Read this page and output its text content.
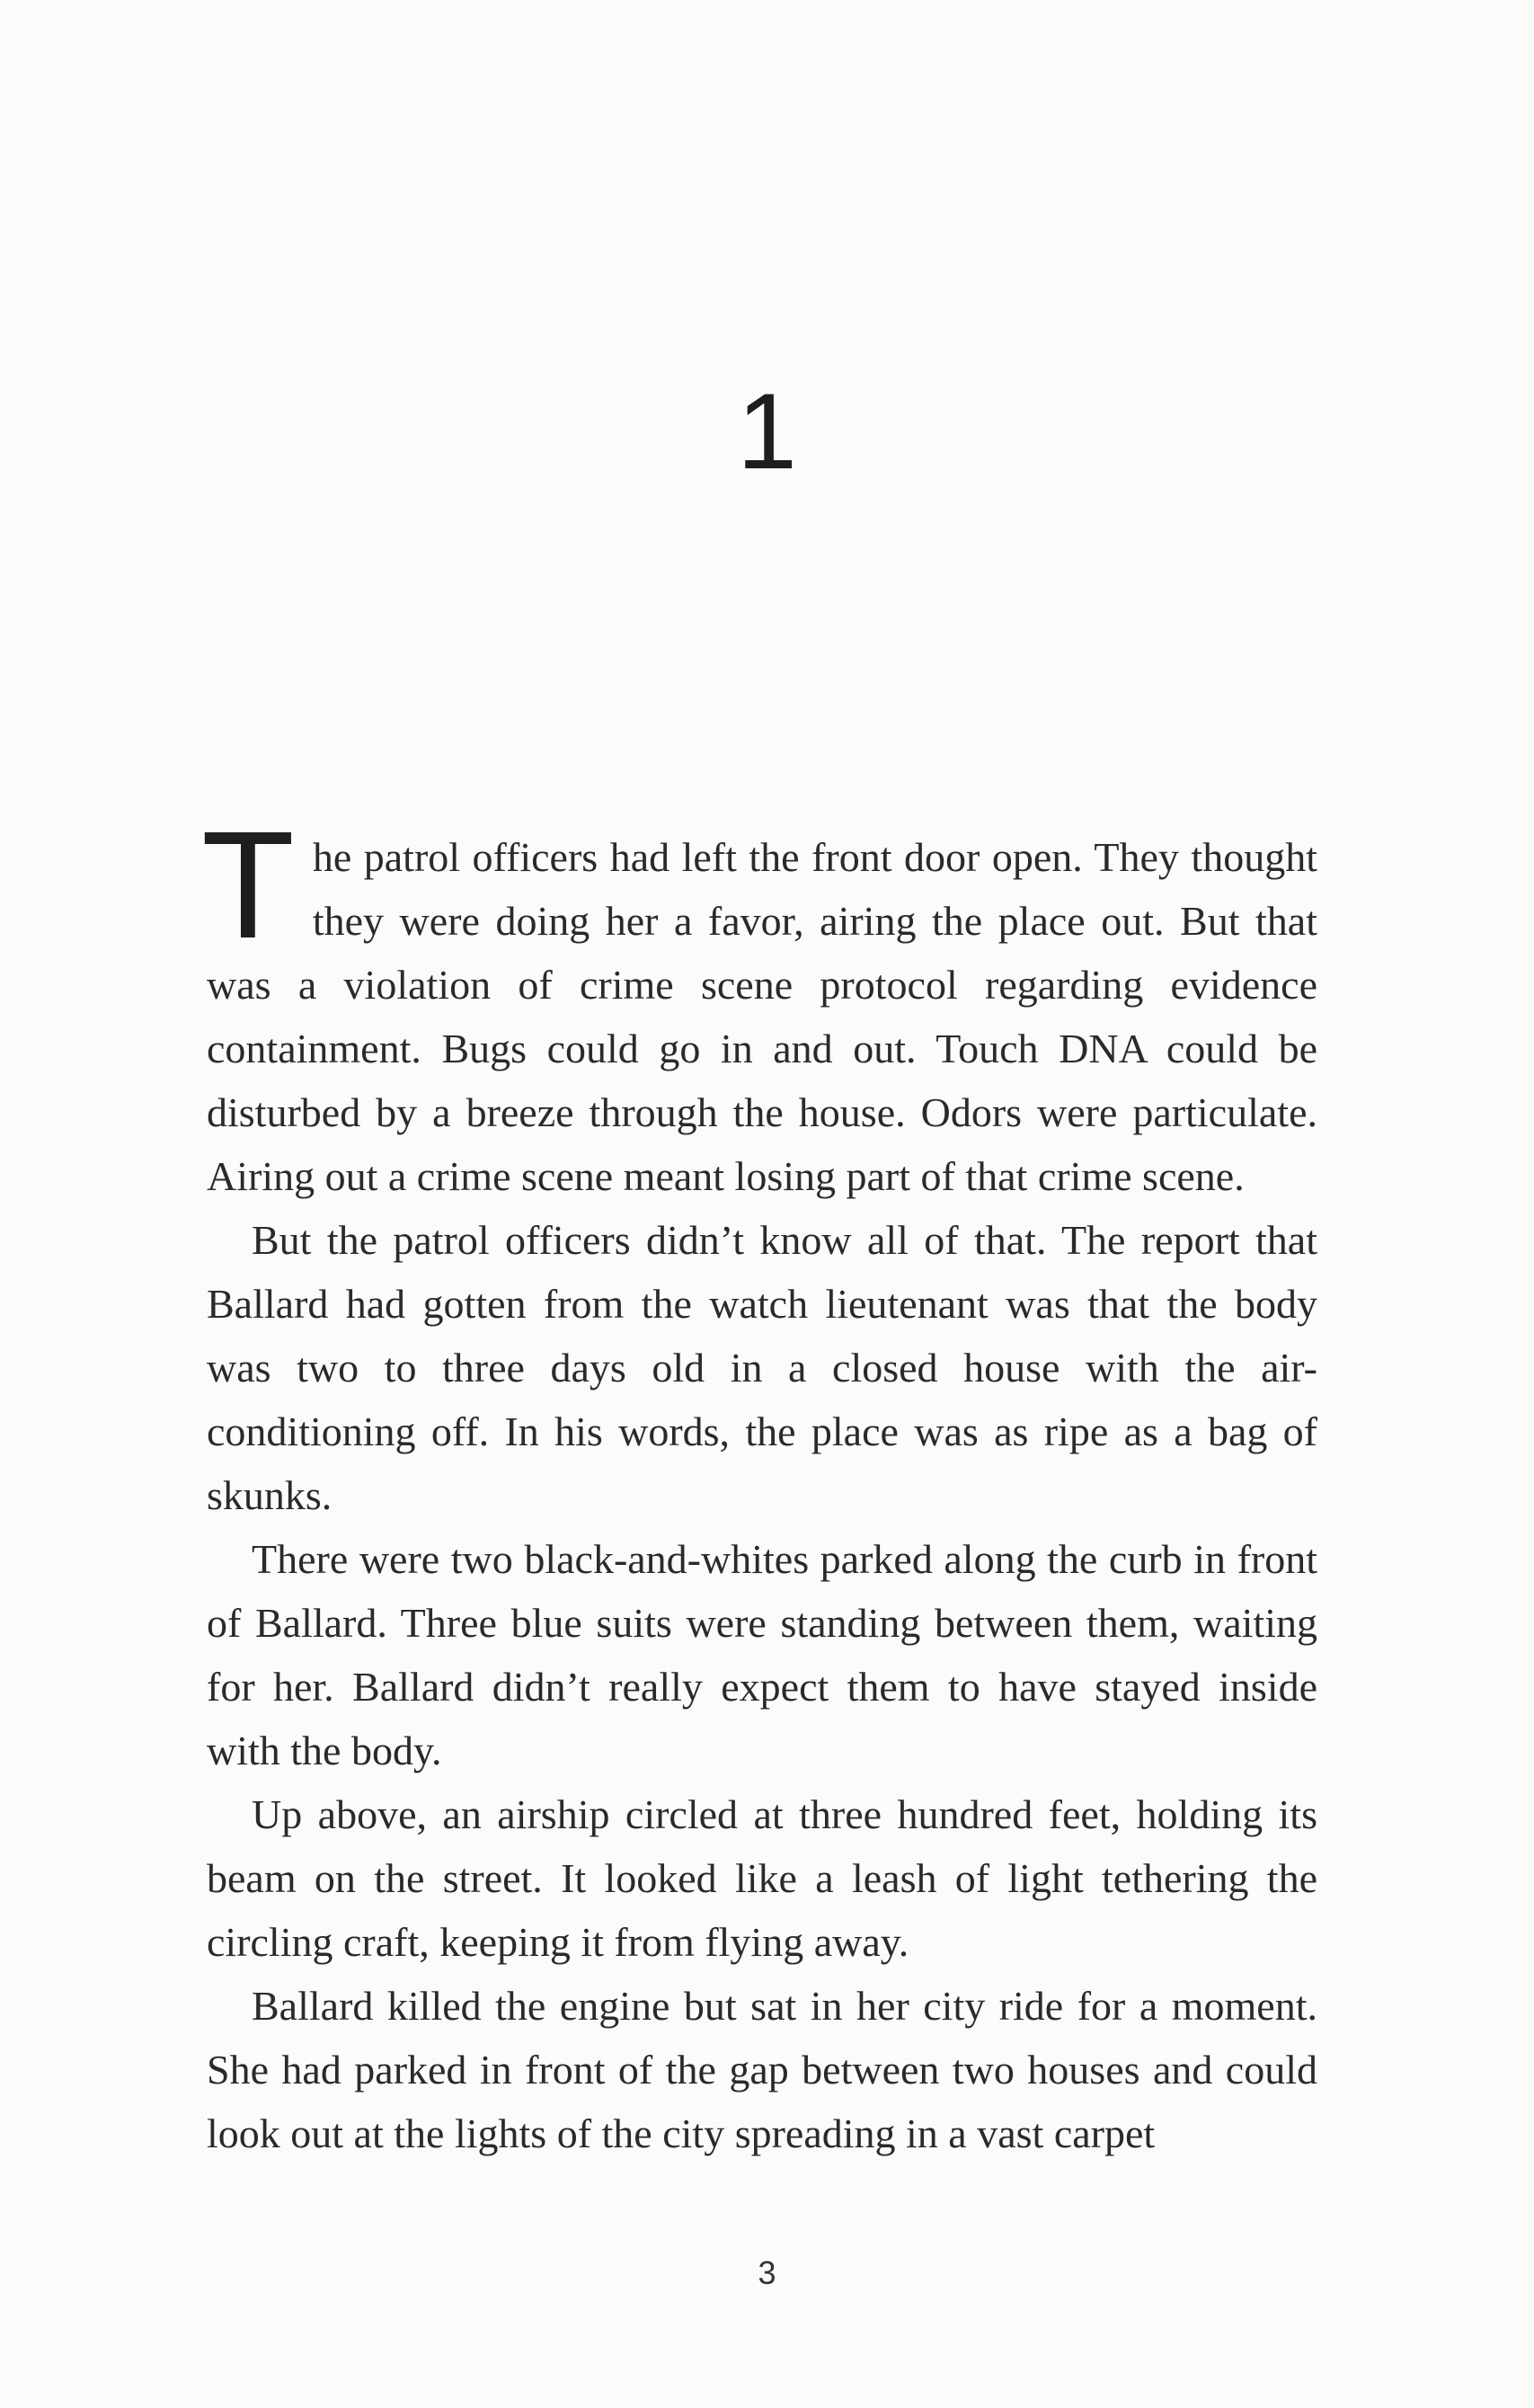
1

The patrol officers had left the front door open. They thought they were doing her a favor, airing the place out. But that was a violation of crime scene protocol regarding evidence containment. Bugs could go in and out. Touch DNA could be disturbed by a breeze through the house. Odors were particulate. Airing out a crime scene meant losing part of that crime scene.

But the patrol officers didn’t know all of that. The report that Ballard had gotten from the watch lieutenant was that the body was two to three days old in a closed house with the air-conditioning off. In his words, the place was as ripe as a bag of skunks.

There were two black-and-whites parked along the curb in front of Ballard. Three blue suits were standing between them, waiting for her. Ballard didn’t really expect them to have stayed inside with the body.

Up above, an airship circled at three hundred feet, holding its beam on the street. It looked like a leash of light tethering the circling craft, keeping it from flying away.

Ballard killed the engine but sat in her city ride for a moment. She had parked in front of the gap between two houses and could look out at the lights of the city spreading in a vast carpet

3
